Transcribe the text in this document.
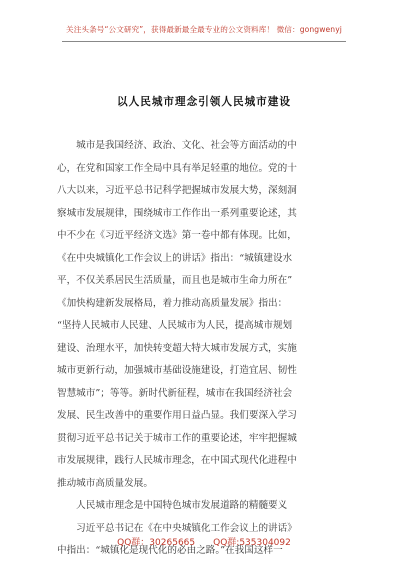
关注头条号“公文研究”，获得最新最全最专业的公文资料库！ 微信：gongwenyj
以人民城市理念引领人民城市建设
　　城市是我国经济、政治、文化、社会等方面活动的中
心，在党和国家工作全局中具有举足轻重的地位。党的十
八大以来，习近平总书记科学把握城市发展大势，深刻洞
察城市发展规律，围绕城市工作作出一系列重要论述，其
中不少在《习近平经济文选》第一卷中都有体现。比如，
《在中央城镇化工作会议上的讲话》指出：“城镇建设水
平，不仅关系居民生活质量，而且也是城市生命力所在”
《加快构建新发展格局，着力推动高质量发展》指出：
“坚持人民城市人民建、人民城市为人民，提高城市规划
建设、治理水平，加快转变超大特大城市发展方式，实施
城市更新行动，加强城市基础设施建设，打造宜居、韧性
智慧城市”；等等。新时代新征程，城市在我国经济社会
发展、民生改善中的重要作用日益凸显。我们要深入学习
贯彻习近平总书记关于城市工作的重要论述，牢牢把握城
市发展规律，践行人民城市理念，在中国式现代化进程中
推动城市高质量发展。
　　人民城市理念是中国特色城市发展道路的精髓要义
　　习近平总书记在《在中央城镇化工作会议上的讲话》
中指出：“城镇化是现代化的必由之路。”在我国这样一
QQ群：30265665　　QQ群:535304092
